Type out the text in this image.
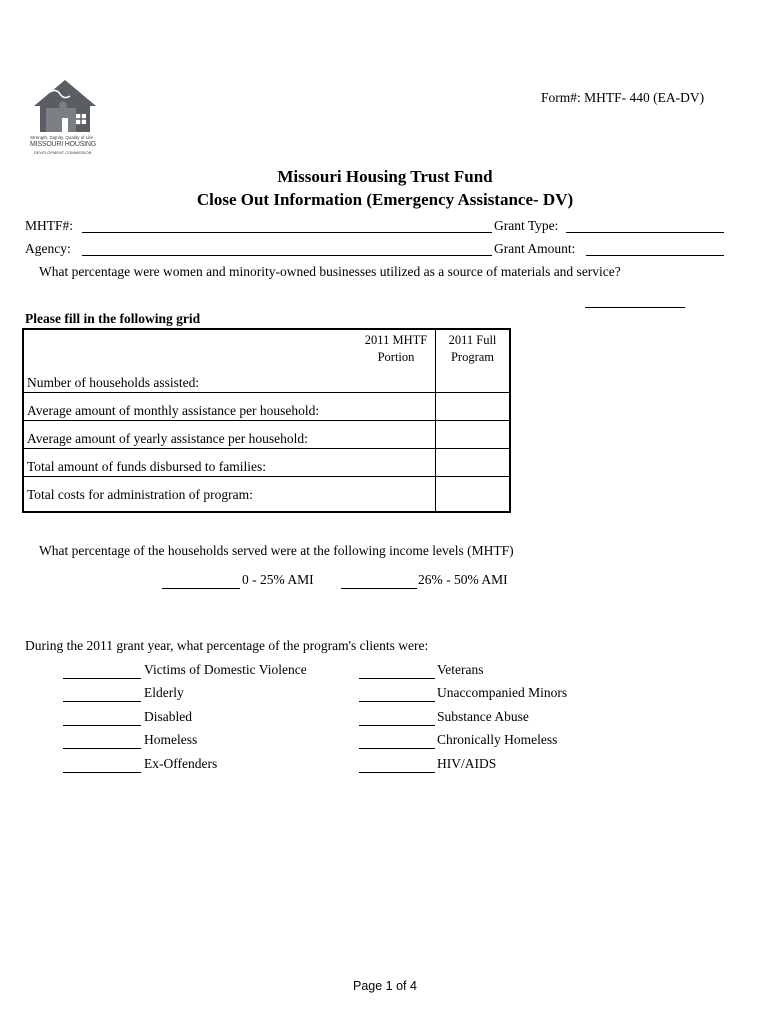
Strength, Dignity, Quality of Life
MISSOURI HOUSING
DEVELOPMENT COMMISSION
Form#: MHTF- 440 (EA-DV)
Missouri Housing Trust Fund
Close Out Information (Emergency Assistance- DV)
MHTF#:	Grant Type:
Agency:	Grant Amount:
What percentage were women and minority-owned businesses utilized as a source of materials and service?
Please fill in the following grid
2011 MHTF
Portion
2011 Full
Program
Number of households assisted:
Average amount of monthly assistance per household:
Average amount of yearly assistance per household:
Total amount of funds disbursed to families:
Total costs for administration of program:
What percentage of the households served were at the following income levels (MHTF)
0 - 25% AMI	26% - 50% AMI
During the 2011 grant year, what percentage of the program's clients were:
Victims of Domestic Violence
Elderly
Disabled
Homeless
Ex-Offenders
Veterans
Unaccompanied Minors
Substance Abuse
Chronically Homeless
HIV/AIDS
Page 1 of 4
